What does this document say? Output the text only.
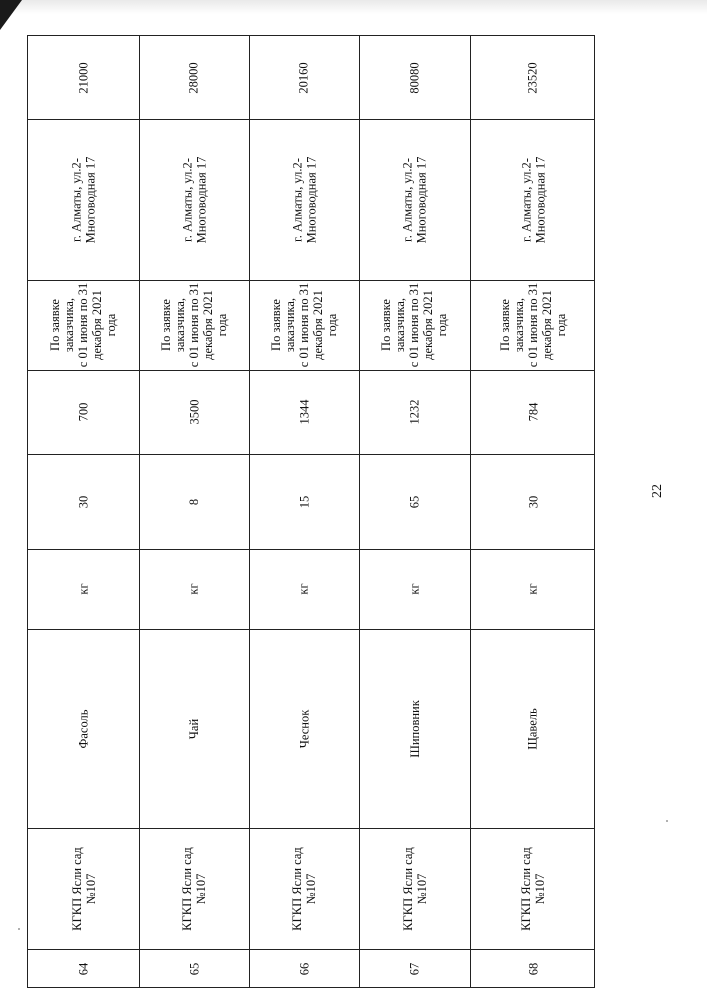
21000
г. Алматы, ул.2- Многоводная 17
По заявке заказчика, с 01 июня по 31 декабря 2021 года
700
30
кг
Фасоль
КГКП Ясли сад №107
64
28000
г. Алматы, ул.2- Многоводная 17
По заявке заказчика, с 01 июня по 31 декабря 2021 года
3500
8
кг
Чай
КГКП Ясли сад №107
65
20160
г. Алматы, ул.2- Многоводная 17
По заявке заказчика, с 01 июня по 31 декабря 2021 года
1344
15
кг
Чеснок
КГКП Ясли сад №107
66
80080
г. Алматы, ул.2- Многоводная 17
По заявке заказчика, с 01 июня по 31 декабря 2021 года
1232
65
кг
Шиповник
КГКП Ясли сад №107
67
23520
г. Алматы, ул.2- Многоводная 17
По заявке заказчика, с 01 июня по 31 декабря 2021 года
784
30
кг
Щавель
КГКП Ясли сад №107
68
22
